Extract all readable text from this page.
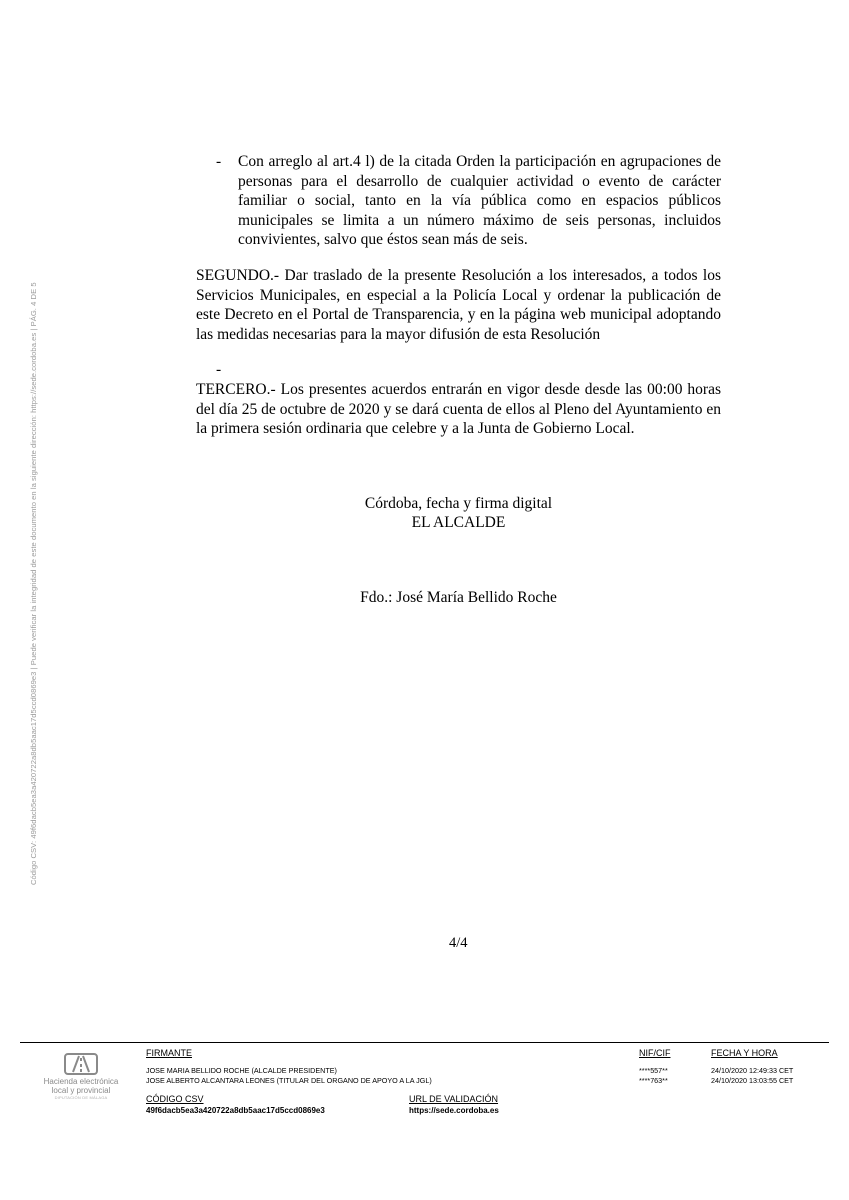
Código CSV: 49f6dacb5ea3a420722a8db5aac17d5ccd0869e3 | Puede verificar la integridad de este documento en la siguiente dirección: https://sede.cordoba.es | PÁG. 4 DE 5
- Con arreglo al art.4 l) de la citada Orden la participación en agrupaciones de personas para el desarrollo de cualquier actividad o evento de carácter familiar o social, tanto en la vía pública como en espacios públicos municipales se limita a un número máximo de seis personas, incluidos convivientes, salvo que éstos sean más de seis.
SEGUNDO.- Dar traslado de la presente Resolución a los interesados, a todos los Servicios Municipales, en especial a la Policía Local y ordenar la publicación de este Decreto en el Portal de Transparencia, y en la página web municipal adoptando las medidas necesarias para la mayor difusión de esta Resolución
-
TERCERO.- Los presentes acuerdos entrarán en vigor desde desde las 00:00 horas del día 25 de octubre de 2020 y se dará cuenta de ellos al Pleno del Ayuntamiento en la primera sesión ordinaria que celebre y a la Junta de Gobierno Local.
Córdoba, fecha y firma digital
EL ALCALDE
Fdo.: José María Bellido Roche
4/4
Hacienda electrónica
local y provincial
DIPUTACIÓN DE MÁLAGA
FIRMANTE	NIF/CIF	FECHA Y HORA
JOSE MARIA BELLIDO ROCHE (ALCALDE PRESIDENTE)	****557**	24/10/2020 12:49:33 CET
JOSE ALBERTO ALCANTARA LEONES (TITULAR DEL ORGANO DE APOYO A LA JGL)	****763**	24/10/2020 13:03:55 CET
CÓDIGO CSV
49f6dacb5ea3a420722a8db5aac17d5ccd0869e3
URL DE VALIDACIÓN
https://sede.cordoba.es
